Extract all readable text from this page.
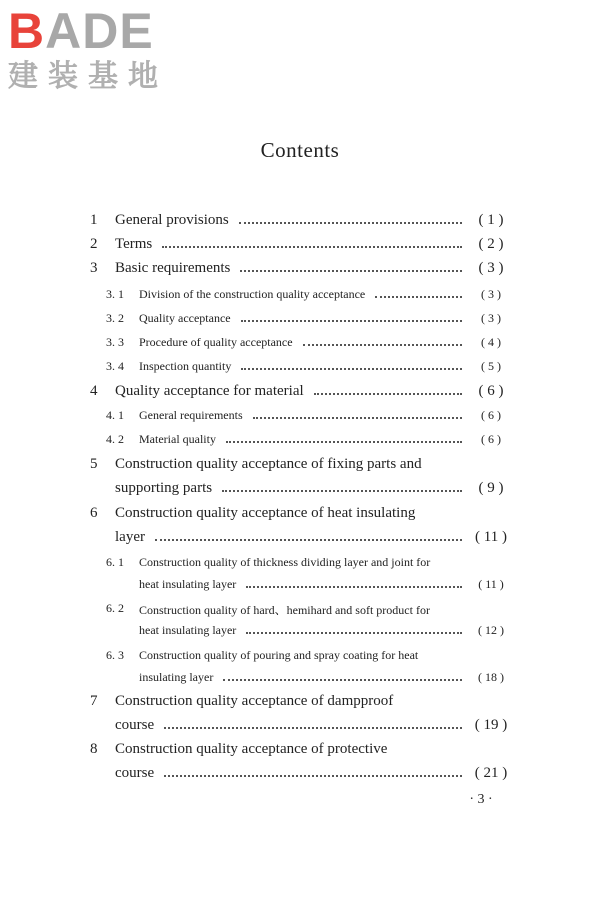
BADE
建装基地
Contents
1 General provisions	( 1 )
2 Terms	( 2 )
3 Basic requirements	( 3 )
3. 1 Division of the construction quality acceptance	( 3 )
3. 2 Quality acceptance	( 3 )
3. 3 Procedure of quality acceptance	( 4 )
3. 4 Inspection quantity	( 5 )
4 Quality acceptance for material	( 6 )
4. 1 General requirements	( 6 )
4. 2 Material quality	( 6 )
5 Construction quality acceptance of fixing parts and
supporting parts	( 9 )
6 Construction quality acceptance of heat insulating
layer	( 11 )
6. 1 Construction quality of thickness dividing layer and joint for
heat insulating layer	( 11 )
6. 2 Construction quality of hard、hemihard and soft product for
heat insulating layer	( 12 )
6. 3 Construction quality of pouring and spray coating for heat
insulating layer	( 18 )
7 Construction quality acceptance of dampproof
course	( 19 )
8 Construction quality acceptance of protective
course	( 21 )
· 3 ·
